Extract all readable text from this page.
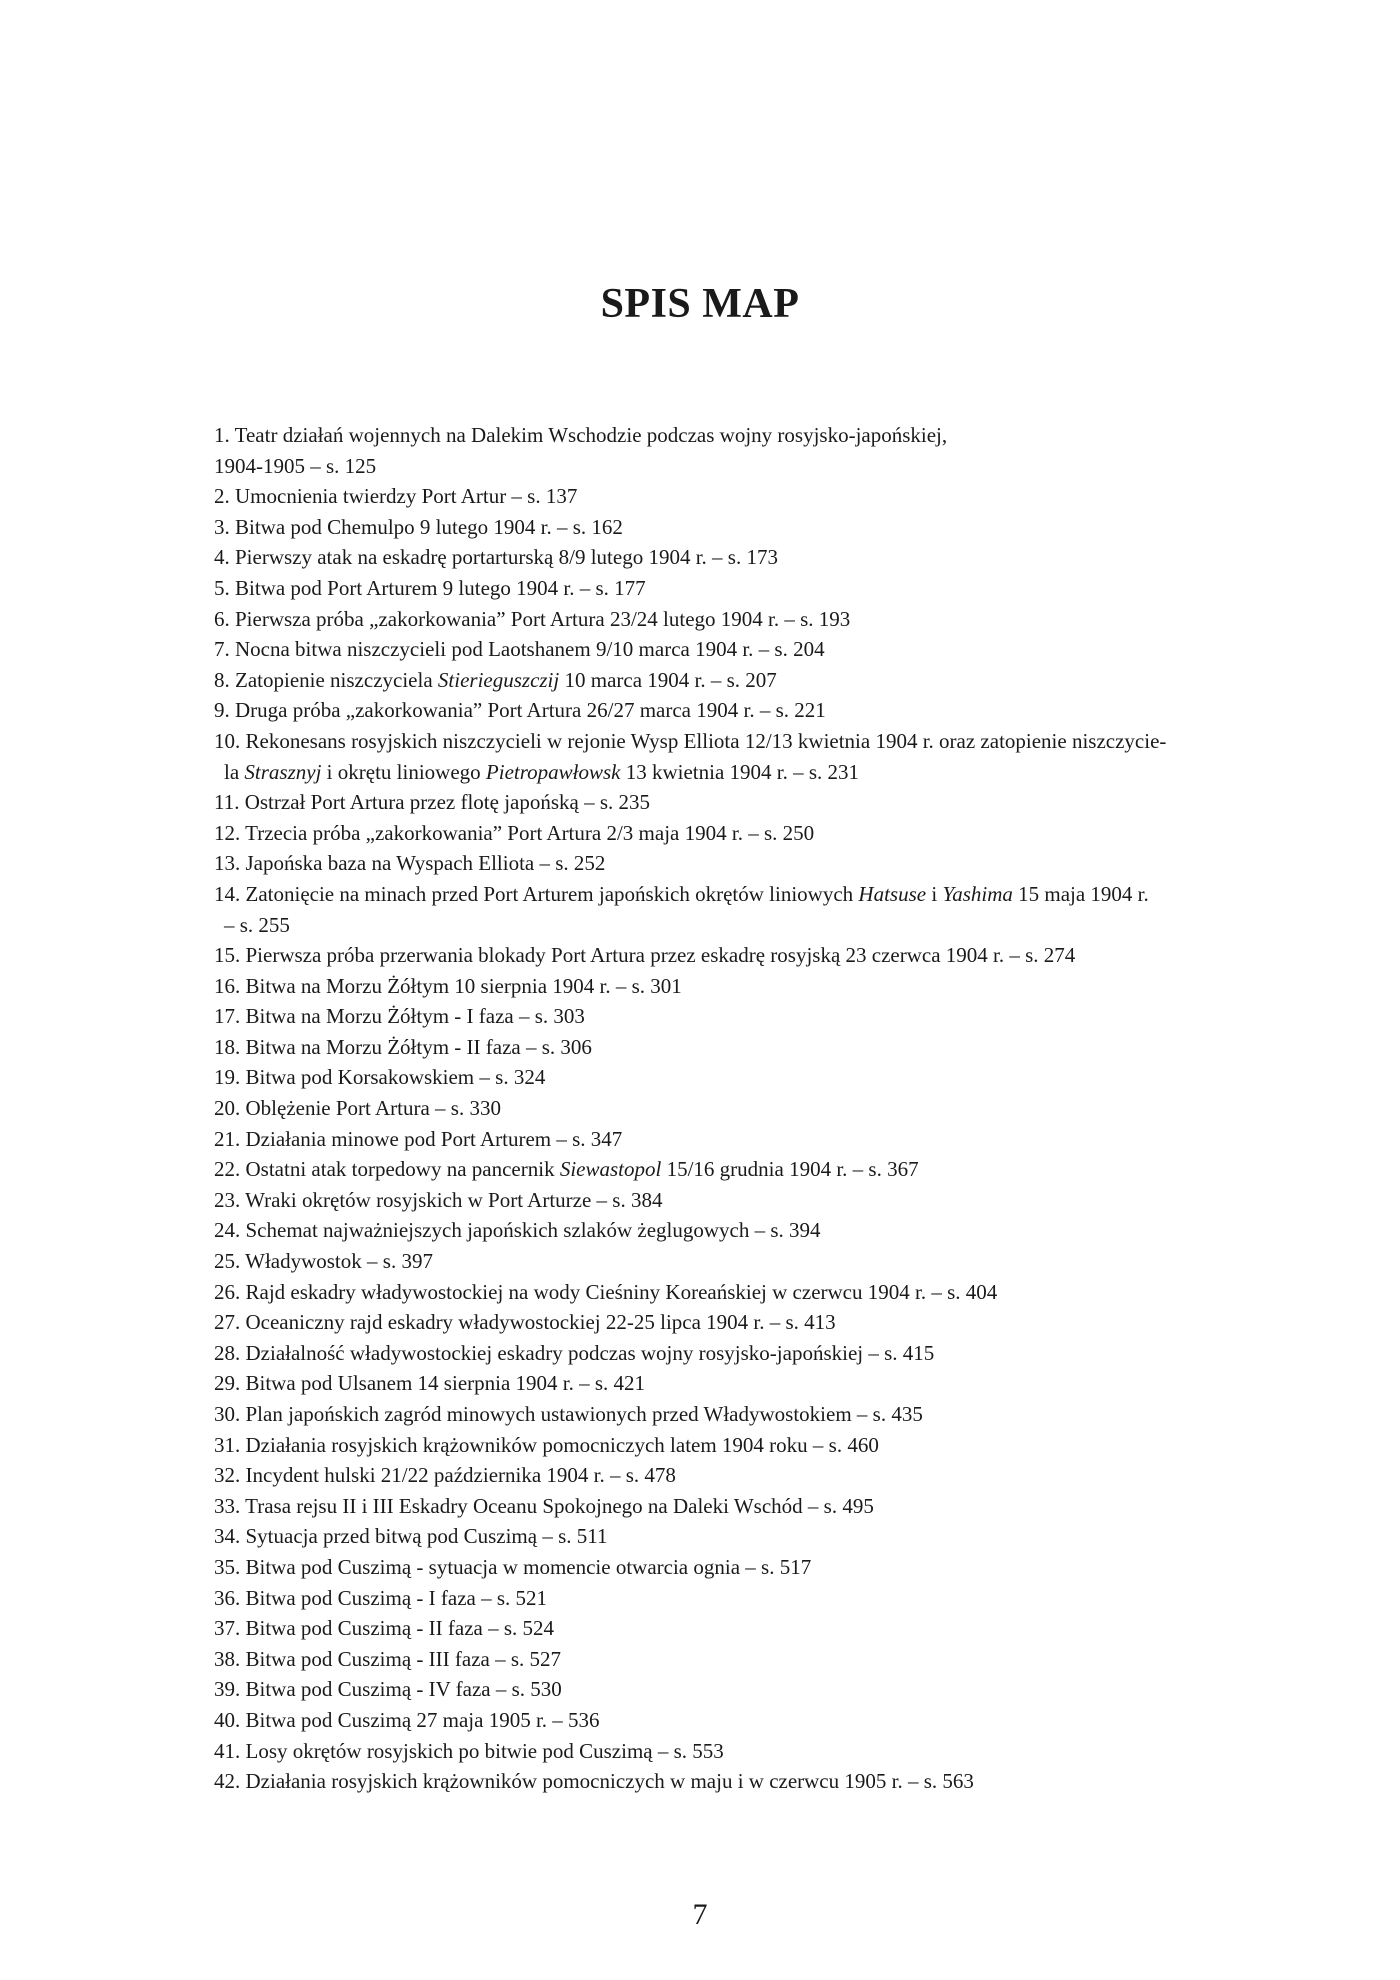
SPIS MAP
1. Teatr działań wojennych na Dalekim Wschodzie podczas wojny rosyjsko-japońskiej,
1904-1905 – s. 125
2. Umocnienia twierdzy Port Artur – s. 137
3. Bitwa pod Chemulpo 9 lutego 1904 r. – s. 162
4. Pierwszy atak na eskadrę portarturską 8/9 lutego 1904 r. – s. 173
5. Bitwa pod Port Arturem 9 lutego 1904 r. – s. 177
6. Pierwsza próba „zakorkowania” Port Artura 23/24 lutego 1904 r. – s. 193
7. Nocna bitwa niszczycieli pod Laotshanem 9/10 marca 1904 r. – s. 204
8. Zatopienie niszczyciela Stierieguszczij 10 marca 1904 r. – s. 207
9. Druga próba „zakorkowania” Port Artura 26/27 marca 1904 r. – s. 221
10. Rekonesans rosyjskich niszczycieli w rejonie Wysp Elliota 12/13 kwietnia 1904 r. oraz zatopienie niszczycie-
la Strasznyj i okrętu liniowego Pietropawłowsk 13 kwietnia 1904 r. – s. 231
11. Ostrzał Port Artura przez flotę japońską – s. 235
12. Trzecia próba „zakorkowania” Port Artura 2/3 maja 1904 r. – s. 250
13. Japońska baza na Wyspach Elliota – s. 252
14. Zatonięcie na minach przed Port Arturem japońskich okrętów liniowych Hatsuse i Yashima 15 maja 1904 r.
– s. 255
15. Pierwsza próba przerwania blokady Port Artura przez eskadrę rosyjską 23 czerwca 1904 r. – s. 274
16. Bitwa na Morzu Żółtym 10 sierpnia 1904 r. – s. 301
17. Bitwa na Morzu Żółtym - I faza – s. 303
18. Bitwa na Morzu Żółtym - II faza – s. 306
19. Bitwa pod Korsakowskiem – s. 324
20. Oblężenie Port Artura – s. 330
21. Działania minowe pod Port Arturem – s. 347
22. Ostatni atak torpedowy na pancernik Siewastopol 15/16 grudnia 1904 r. – s. 367
23. Wraki okrętów rosyjskich w Port Arturze – s. 384
24. Schemat najważniejszych japońskich szlaków żeglugowych – s. 394
25. Władywostok – s. 397
26. Rajd eskadry władywostockiej na wody Cieśniny Koreańskiej w czerwcu 1904 r. – s. 404
27. Oceaniczny rajd eskadry władywostockiej 22-25 lipca 1904 r. – s. 413
28. Działalność władywostockiej eskadry podczas wojny rosyjsko-japońskiej – s. 415
29. Bitwa pod Ulsanem 14 sierpnia 1904 r. – s. 421
30. Plan japońskich zagród minowych ustawionych przed Władywostokiem – s. 435
31. Działania rosyjskich krążowników pomocniczych latem 1904 roku – s. 460
32. Incydent hulski 21/22 października 1904 r. – s. 478
33. Trasa rejsu II i III Eskadry Oceanu Spokojnego na Daleki Wschód – s. 495
34. Sytuacja przed bitwą pod Cuszimą – s. 511
35. Bitwa pod Cuszimą - sytuacja w momencie otwarcia ognia – s. 517
36. Bitwa pod Cuszimą - I faza – s. 521
37. Bitwa pod Cuszimą - II faza – s. 524
38. Bitwa pod Cuszimą - III faza – s. 527
39. Bitwa pod Cuszimą - IV faza – s. 530
40. Bitwa pod Cuszimą 27 maja 1905 r. – 536
41. Losy okrętów rosyjskich po bitwie pod Cuszimą – s. 553
42. Działania rosyjskich krążowników pomocniczych w maju i w czerwcu 1905 r. – s. 563
7
